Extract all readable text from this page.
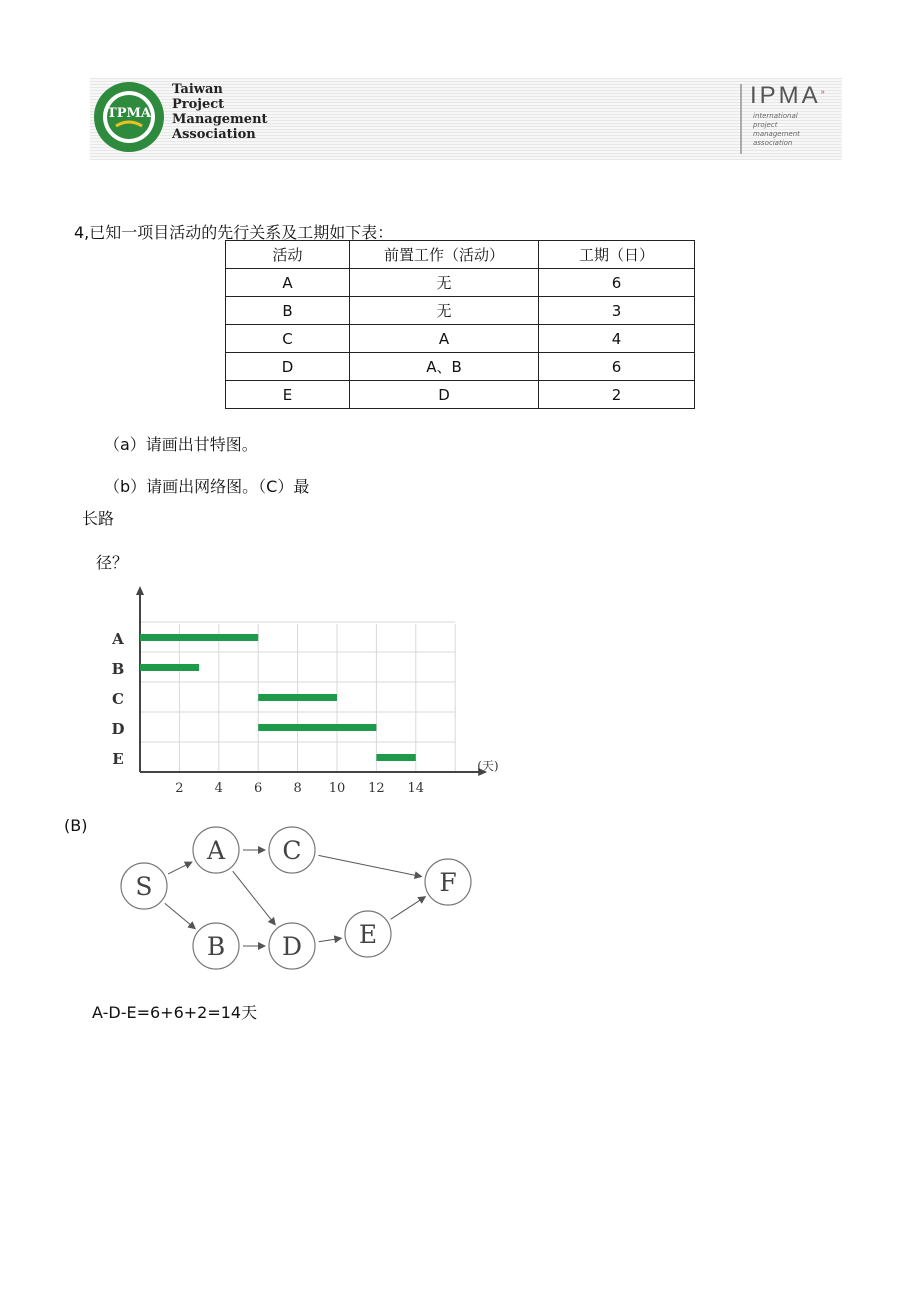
TPMA
Taiwan
Project
Management
Association
IPMA»
international
project
management
association
4,已知一项目活动的先行关系及工期如下表：
活动	前置工作（活动）	工期（日）
A	无	6
B	无	3
C	A	4
D	A、B	6
E	D	2
（a）请画出甘特图。
（b）请画出网络图。（C）最
长路
径？
A
B
C
D
E
2 4 6 8 10 12 14
(天)
(B)
S
A C
F
B D E
A-D-E=6+6+2=14天
